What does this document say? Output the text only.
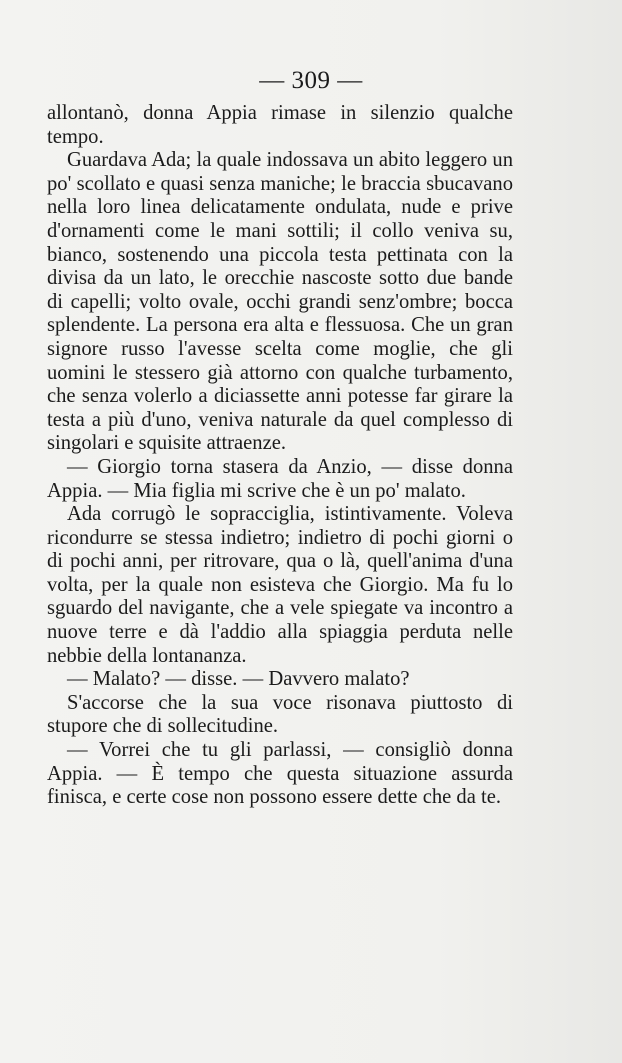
— 309 —

allontanò, donna Appia rimase in silenzio qualche tempo.

Guardava Ada; la quale indossava un abito leggero un po' scollato e quasi senza maniche; le braccia sbucavano nella loro linea delicatamente ondulata, nude e prive d'ornamenti come le mani sottili; il collo veniva su, bianco, sostenendo una piccola testa pettinata con la divisa da un lato, le orecchie nascoste sotto due bande di capelli; volto ovale, occhi grandi senz'ombre; bocca splendente. La persona era alta e flessuosa. Che un gran signore russo l'avesse scelta come moglie, che gli uomini le stessero già attorno con qualche turbamento, che senza volerlo a diciassette anni potesse far girare la testa a più d'uno, veniva naturale da quel complesso di singolari e squisite attraenze.

— Giorgio torna stasera da Anzio, — disse donna Appia. — Mia figlia mi scrive che è un po' malato.

Ada corrugò le sopracciglia, istintivamente. Voleva ricondurre se stessa indietro; indietro di pochi giorni o di pochi anni, per ritrovare, qua o là, quell'anima d'una volta, per la quale non esisteva che Giorgio. Ma fu lo sguardo del navigante, che a vele spiegate va incontro a nuove terre e dà l'addio alla spiaggia perduta nelle nebbie della lontananza.

— Malato? — disse. — Davvero malato?

S'accorse che la sua voce risonava piuttosto di stupore che di sollecitudine.

— Vorrei che tu gli parlassi, — consigliò donna Appia. — È tempo che questa situazione assurda finisca, e certe cose non possono essere dette che da te.
